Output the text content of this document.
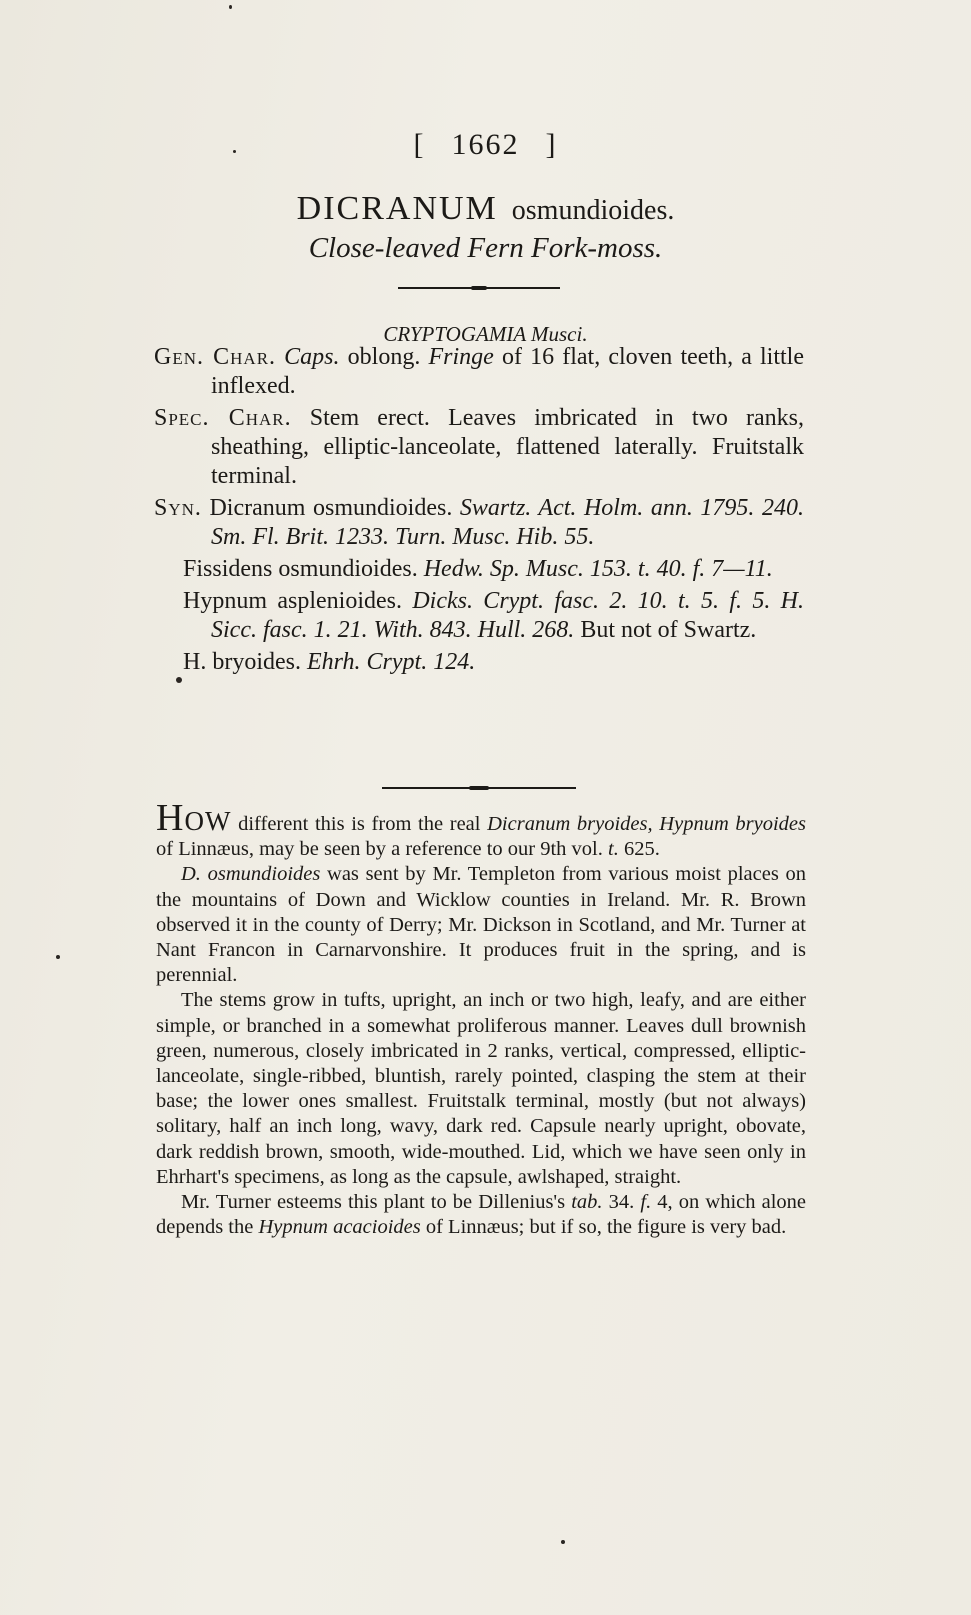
[ 1662 ]
DICRANUM osmundioides.
Close-leaved Fern Fork-moss.
CRYPTOGAMIA Musci.

Gen. Char. Caps. oblong. Fringe of 16 flat, cloven teeth, a little inflexed.

Spec. Char. Stem erect. Leaves imbricated in two ranks, sheathing, elliptic-lanceolate, flattened laterally. Fruitstalk terminal.

Syn. Dicranum osmundioides. Swartz. Act. Holm. ann. 1795. 240. Sm. Fl. Brit. 1233. Turn. Musc. Hib. 55.

Fissidens osmundioides. Hedw. Sp. Musc. 153. t. 40. f. 7—11.

Hypnum asplenioides. Dicks. Crypt. fasc. 2. 10. t. 5. f. 5. H. Sicc. fasc. 1. 21. With. 843. Hull. 268. But not of Swartz.

H. bryoides. Ehrh. Crypt. 124.

How different this is from the real Dicranum bryoides, Hypnum bryoides of Linnæus, may be seen by a reference to our 9th vol. t. 625.

D. osmundioides was sent by Mr. Templeton from various moist places on the mountains of Down and Wicklow counties in Ireland. Mr. R. Brown observed it in the county of Derry; Mr. Dickson in Scotland, and Mr. Turner at Nant Francon in Carnarvonshire. It produces fruit in the spring, and is perennial.

The stems grow in tufts, upright, an inch or two high, leafy, and are either simple, or branched in a somewhat proliferous manner. Leaves dull brownish green, numerous, closely imbricated in 2 ranks, vertical, compressed, elliptic-lanceolate, single-ribbed, bluntish, rarely pointed, clasping the stem at their base; the lower ones smallest. Fruitstalk terminal, mostly (but not always) solitary, half an inch long, wavy, dark red. Capsule nearly upright, obovate, dark reddish brown, smooth, wide-mouthed. Lid, which we have seen only in Ehrhart's specimens, as long as the capsule, awlshaped, straight.

Mr. Turner esteems this plant to be Dillenius's tab. 34. f. 4, on which alone depends the Hypnum acacioides of Linnæus; but if so, the figure is very bad.
